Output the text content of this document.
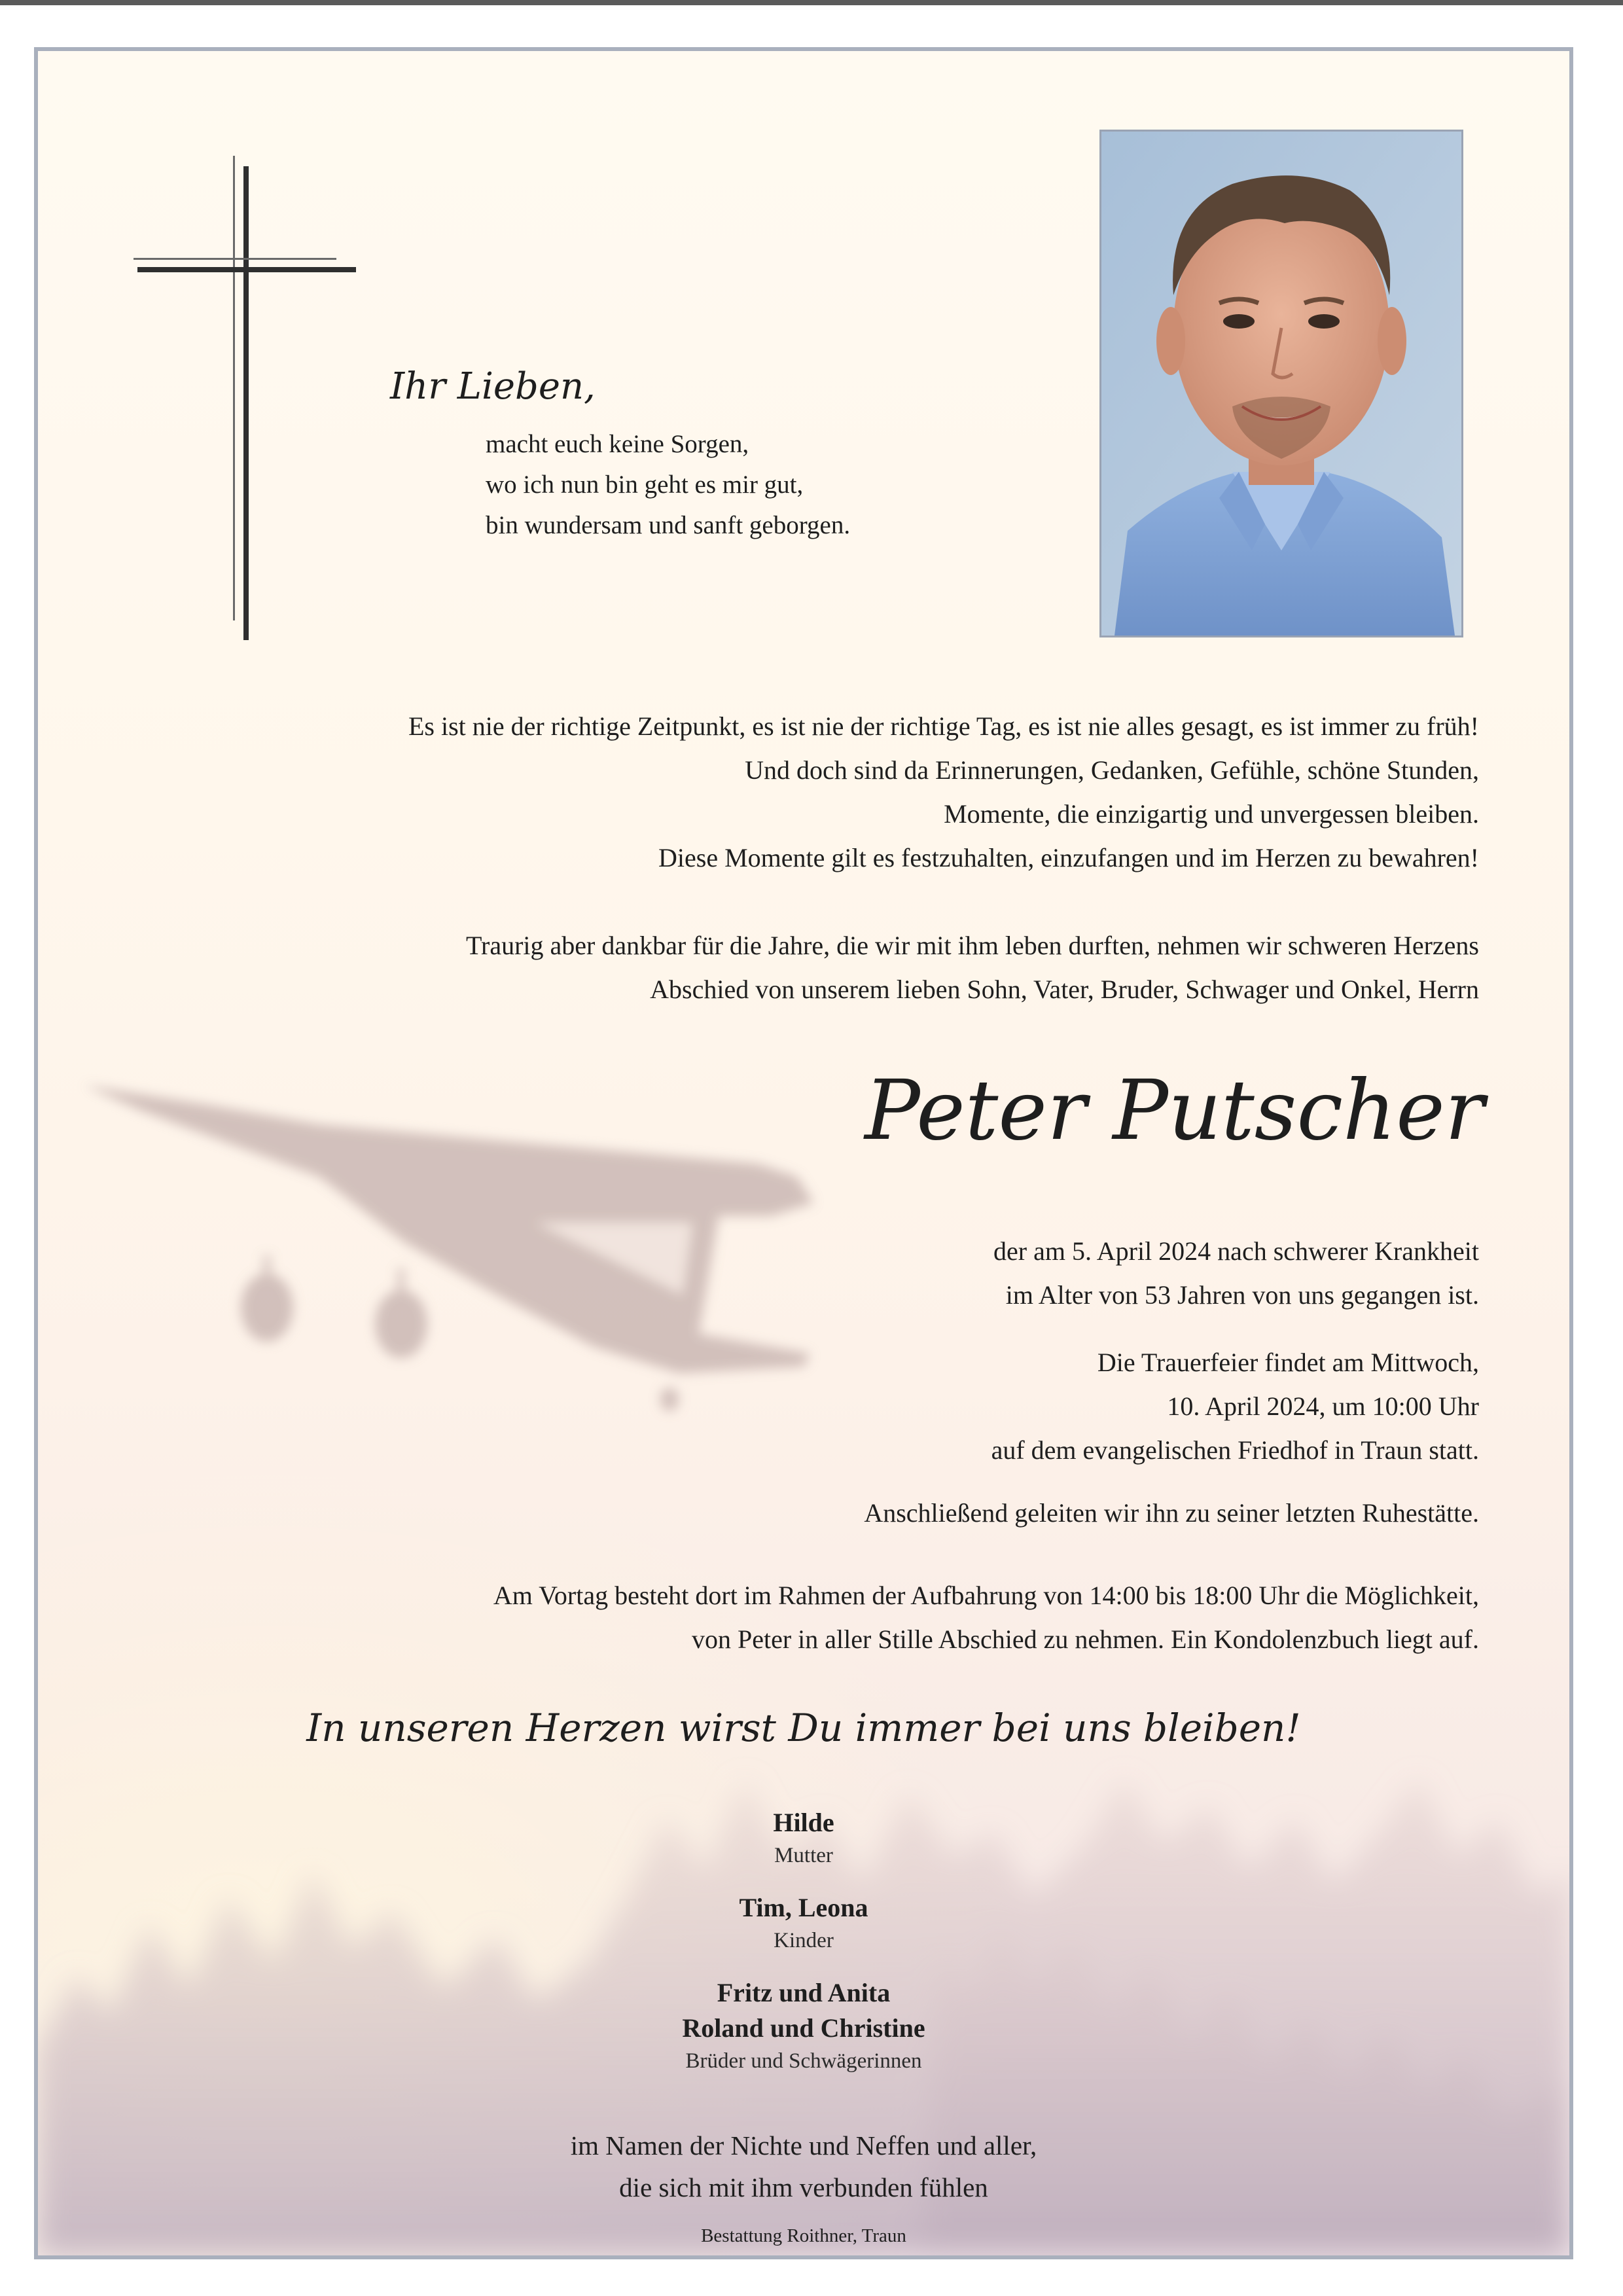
Ihr Lieben,
macht euch keine Sorgen,
wo ich nun bin geht es mir gut,
bin wundersam und sanft geborgen.
Es ist nie der richtige Zeitpunkt, es ist nie der richtige Tag, es ist nie alles gesagt, es ist immer zu früh!
Und doch sind da Erinnerungen, Gedanken, Gefühle, schöne Stunden,
Momente, die einzigartig und unvergessen bleiben.
Diese Momente gilt es festzuhalten, einzufangen und im Herzen zu bewahren!
Traurig aber dankbar für die Jahre, die wir mit ihm leben durften, nehmen wir schweren Herzens
Abschied von unserem lieben Sohn, Vater, Bruder, Schwager und Onkel, Herrn
Peter Putscher
der am 5. April 2024 nach schwerer Krankheit
im Alter von 53 Jahren von uns gegangen ist.
Die Trauerfeier findet am Mittwoch,
10. April 2024, um 10:00 Uhr
auf dem evangelischen Friedhof in Traun statt.
Anschließend geleiten wir ihn zu seiner letzten Ruhestätte.
Am Vortag besteht dort im Rahmen der Aufbahrung von 14:00 bis 18:00 Uhr die Möglichkeit,
von Peter in aller Stille Abschied zu nehmen. Ein Kondolenzbuch liegt auf.
In unseren Herzen wirst Du immer bei uns bleiben!
Hilde
Mutter
Tim, Leona
Kinder
Fritz und Anita
Roland und Christine
Brüder und Schwägerinnen
im Namen der Nichte und Neffen und aller,
die sich mit ihm verbunden fühlen
Bestattung Roithner, Traun
